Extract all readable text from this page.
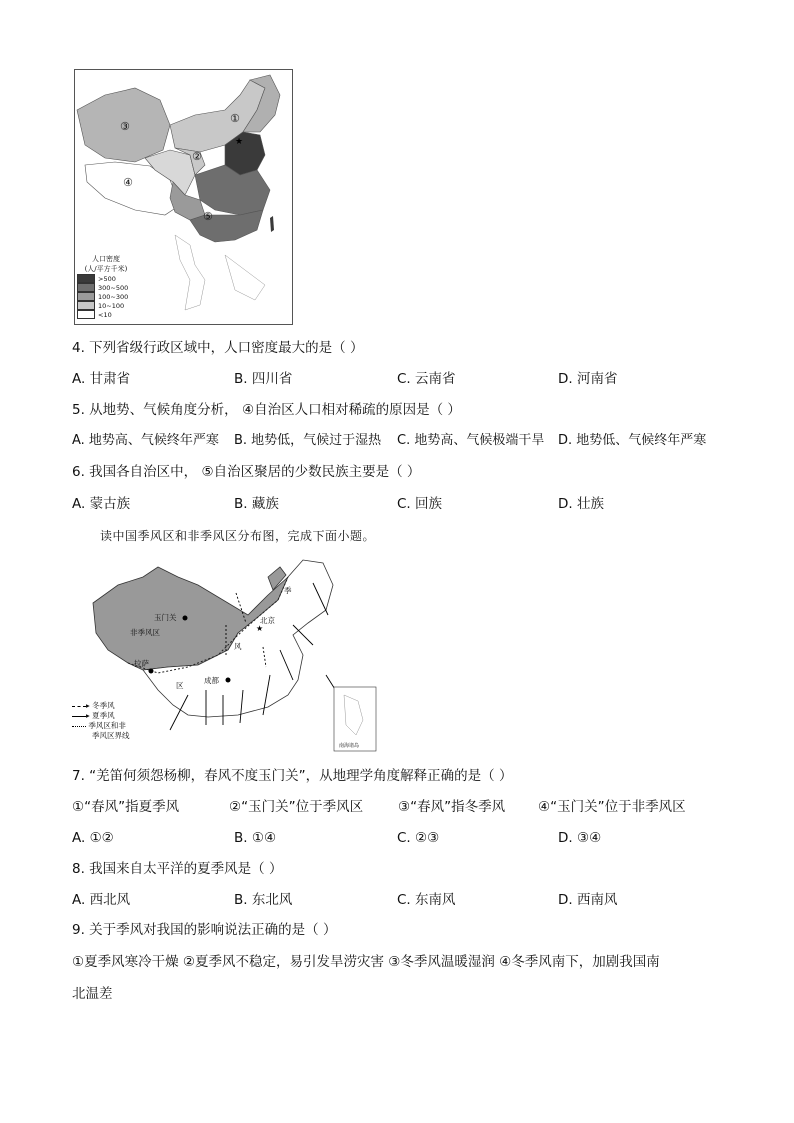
★
①
②
③
④
⑤
人口密度
(人/平方千米)
>500
300~500
100~300
10~100
<10
4. 下列省级行政区域中，人口密度最大的是（ ）
A. 甘肃省	B. 四川省	C. 云南省	D. 河南省
5. 从地势、气候角度分析， ④自治区人口相对稀疏的原因是（ ）
A. 地势高、气候终年严寒 B. 地势低，气候过于湿热 C. 地势高、气候极端干旱 D. 地势低、气候终年严寒
6. 我国各自治区中， ⑤自治区聚居的少数民族主要是（ ）
A. 蒙古族	B. 藏族	C. 回族	D. 壮族
读中国季风区和非季风区分布图，完成下面小题。
★
玉门关
非季风区
拉萨
北京
成都
季
风
区
南海诸岛
▸ 冬季风
▸ 夏季风
季风区和非
季风区界线
7. “羌笛何须怨杨柳，春风不度玉门关”，从地理学角度解释正确的是（ ）
①“春风”指夏季风	②“玉门关”位于季风区	③“春风”指冬季风 ④“玉门关”位于非季风区
A. ①②	B. ①④	C. ②③	D. ③④
8. 我国来自太平洋的夏季风是（ ）
A. 西北风	B. 东北风	C. 东南风	D. 西南风
9. 关于季风对我国的影响说法正确的是（ ）
①夏季风寒冷干燥 ②夏季风不稳定，易引发旱涝灾害 ③冬季风温暖湿润 ④冬季风南下，加剧我国南
北温差
